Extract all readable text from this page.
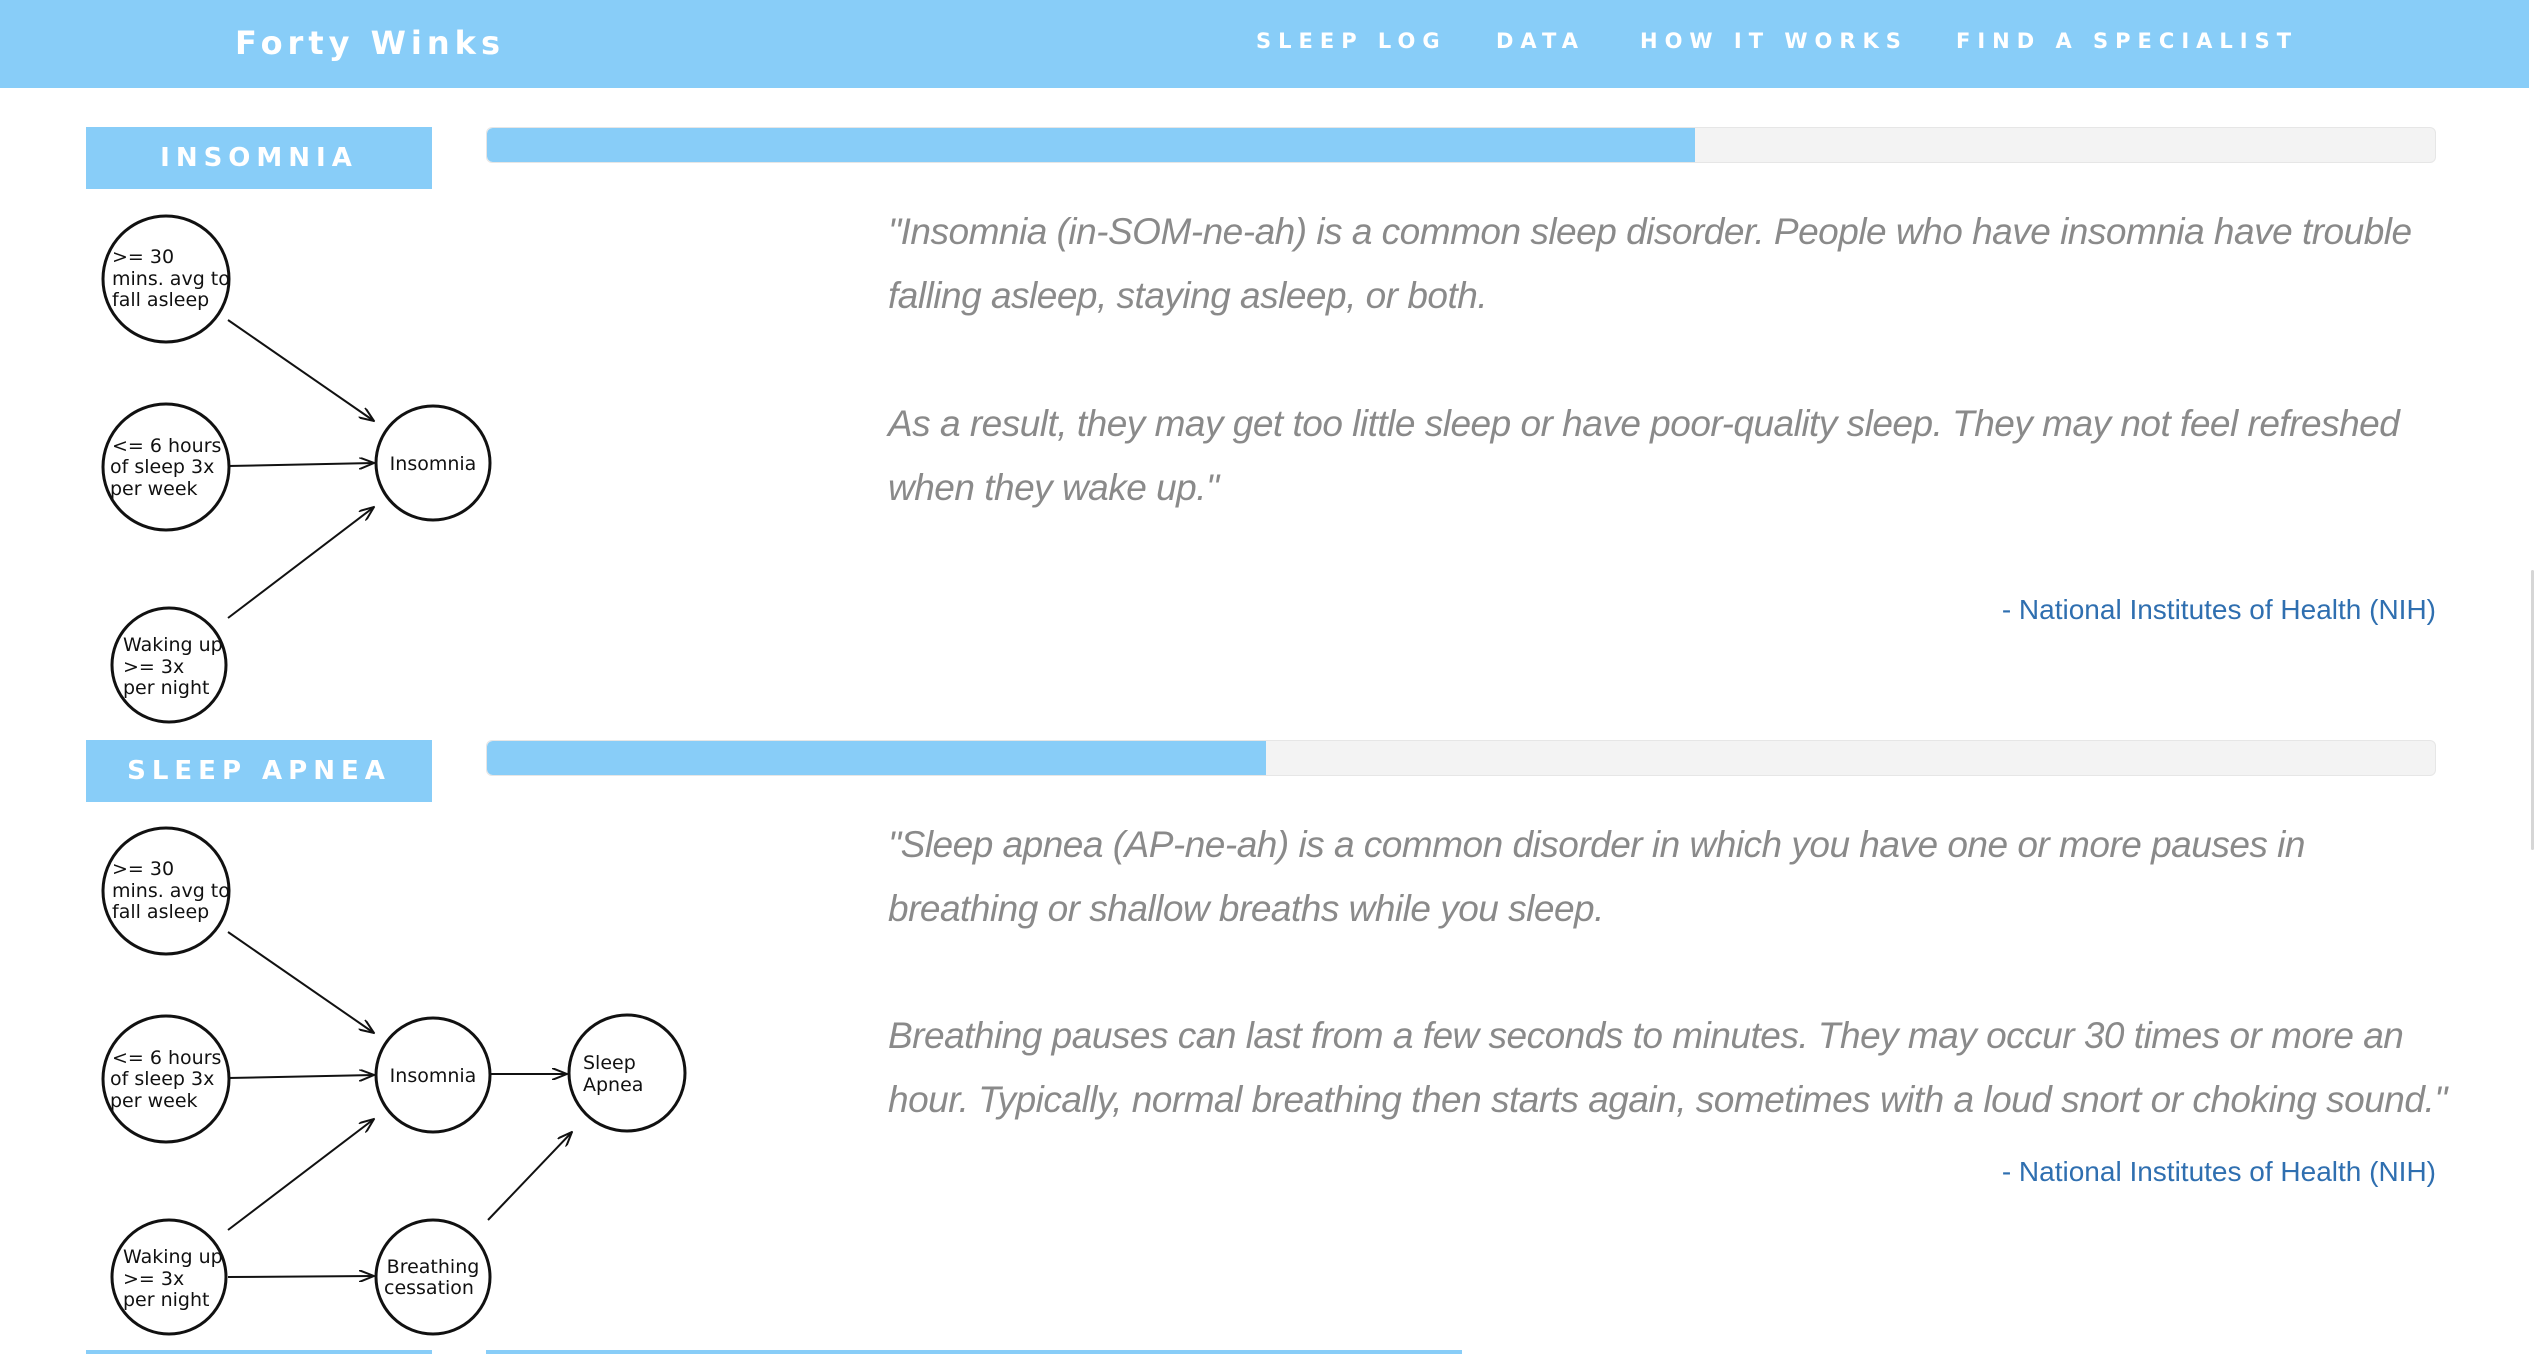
Forty Winks	SLEEP LOG DATA	HOW IT WORKS FIND A SPECIALIST
INSOMNIA
>= 30
mins. avg to
fall asleep
<= 6 hours
of sleep 3x
per week
Waking up
>= 3x
per night
Insomnia

"Insomnia (in-SOM-ne-ah) is a common sleep disorder. People who have insomnia have trouble falling asleep, staying asleep, or both.

As a result, they may get too little sleep or have poor-quality sleep. They may not feel refreshed when they wake up."

- National Institutes of Health (NIH)
SLEEP APNEA
>= 30
mins. avg to
fall asleep
<= 6 hours
of sleep 3x
per week
Waking up
>= 3x
per night
Insomnia
Sleep
Apnea
Breathing
cessation

"Sleep apnea (AP-ne-ah) is a common disorder in which you have one or more pauses in breathing or shallow breaths while you sleep.

Breathing pauses can last from a few seconds to minutes. They may occur 30 times or more an hour. Typically, normal breathing then starts again, sometimes with a loud snort or choking sound."

- National Institutes of Health (NIH)
